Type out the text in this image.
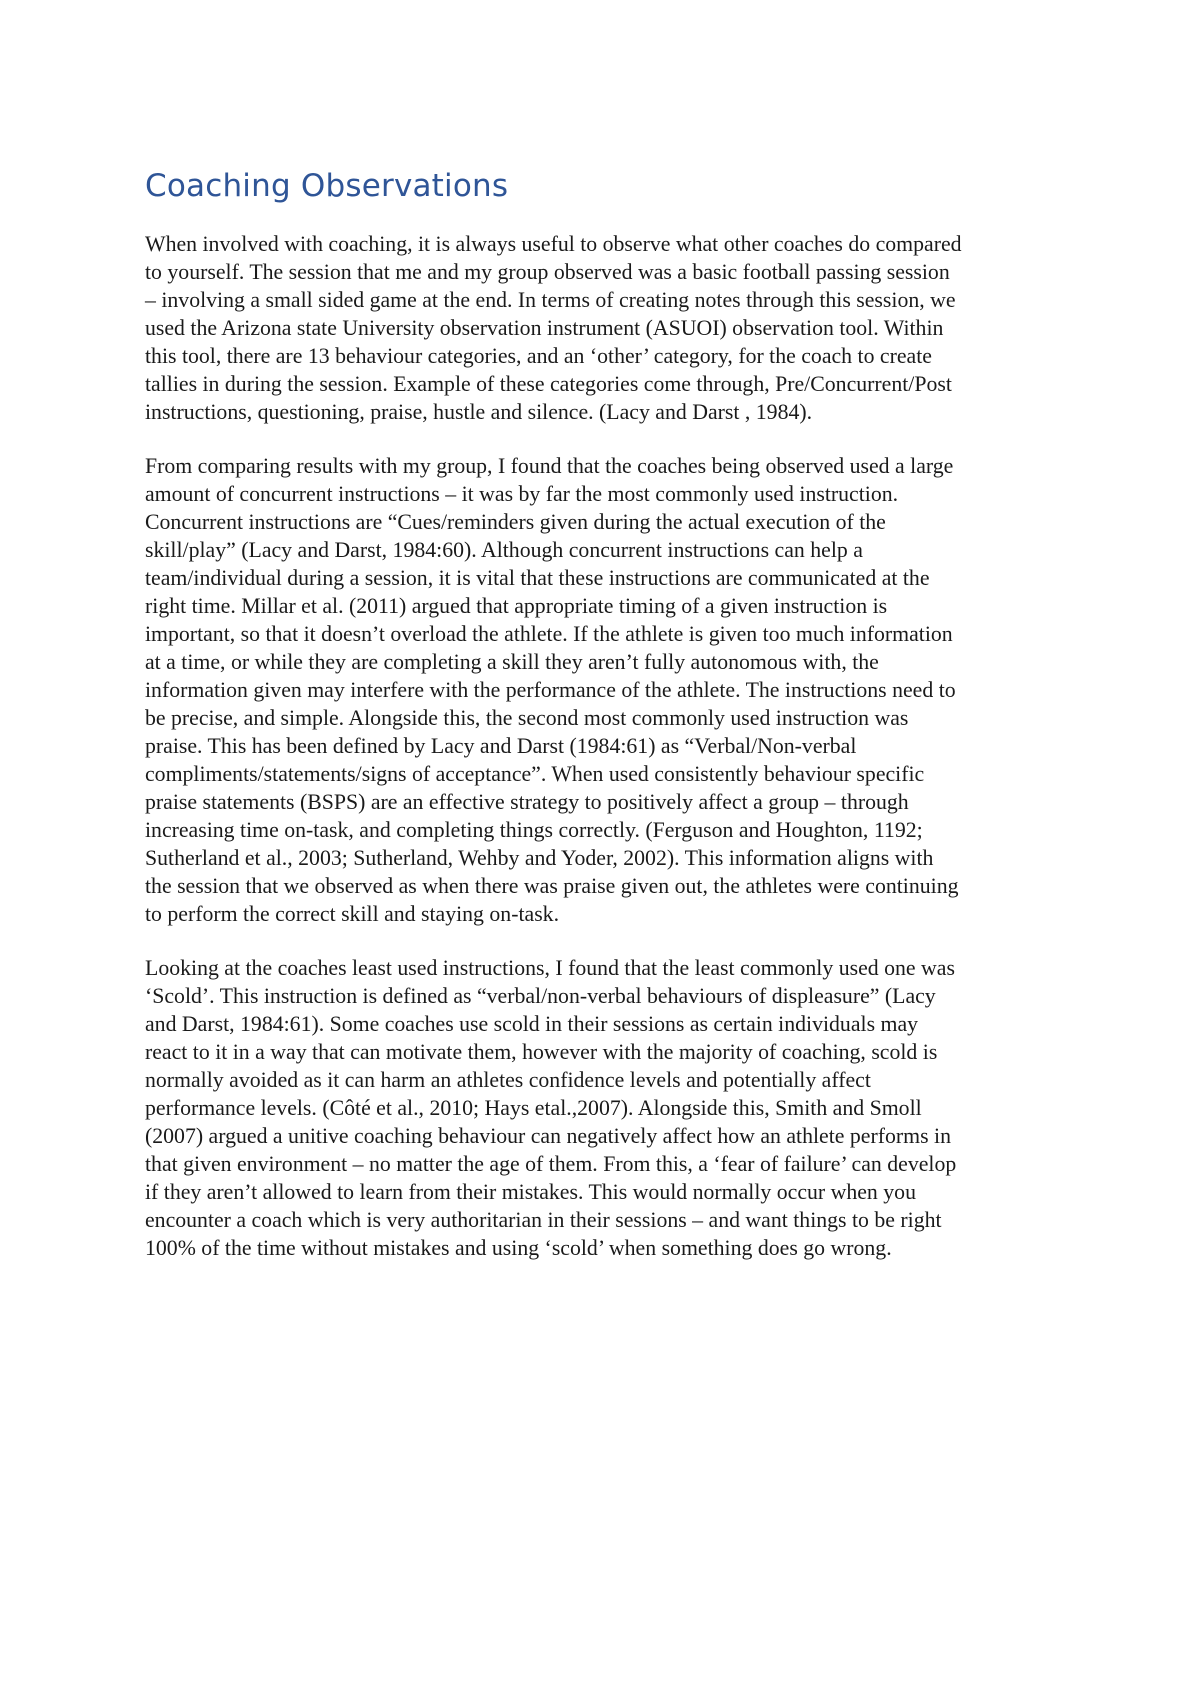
Coaching Observations

When involved with coaching, it is always useful to observe what other coaches do compared
to yourself. The session that me and my group observed was a basic football passing session
– involving a small sided game at the end. In terms of creating notes through this session, we
used the Arizona state University observation instrument (ASUOI) observation tool. Within
this tool, there are 13 behaviour categories, and an ‘other’ category, for the coach to create
tallies in during the session. Example of these categories come through, Pre/Concurrent/Post
instructions, questioning, praise, hustle and silence. (Lacy and Darst , 1984).

From comparing results with my group, I found that the coaches being observed used a large
amount of concurrent instructions – it was by far the most commonly used instruction.
Concurrent instructions are “Cues/reminders given during the actual execution of the
skill/play” (Lacy and Darst, 1984:60). Although concurrent instructions can help a
team/individual during a session, it is vital that these instructions are communicated at the
right time. Millar et al. (2011) argued that appropriate timing of a given instruction is
important, so that it doesn’t overload the athlete. If the athlete is given too much information
at a time, or while they are completing a skill they aren’t fully autonomous with, the
information given may interfere with the performance of the athlete. The instructions need to
be precise, and simple. Alongside this, the second most commonly used instruction was
praise. This has been defined by Lacy and Darst (1984:61) as “Verbal/Non-verbal
compliments/statements/signs of acceptance”. When used consistently behaviour specific
praise statements (BSPS) are an effective strategy to positively affect a group – through
increasing time on-task, and completing things correctly. (Ferguson and Houghton, 1192;
Sutherland et al., 2003; Sutherland, Wehby and Yoder, 2002). This information aligns with
the session that we observed as when there was praise given out, the athletes were continuing
to perform the correct skill and staying on-task.

Looking at the coaches least used instructions, I found that the least commonly used one was
‘Scold’. This instruction is defined as “verbal/non-verbal behaviours of displeasure” (Lacy
and Darst, 1984:61). Some coaches use scold in their sessions as certain individuals may
react to it in a way that can motivate them, however with the majority of coaching, scold is
normally avoided as it can harm an athletes confidence levels and potentially affect
performance levels. (Côté et al., 2010; Hays etal.,2007). Alongside this, Smith and Smoll
(2007) argued a unitive coaching behaviour can negatively affect how an athlete performs in
that given environment – no matter the age of them. From this, a ‘fear of failure’ can develop
if they aren’t allowed to learn from their mistakes. This would normally occur when you
encounter a coach which is very authoritarian in their sessions – and want things to be right
100% of the time without mistakes and using ‘scold’ when something does go wrong.
